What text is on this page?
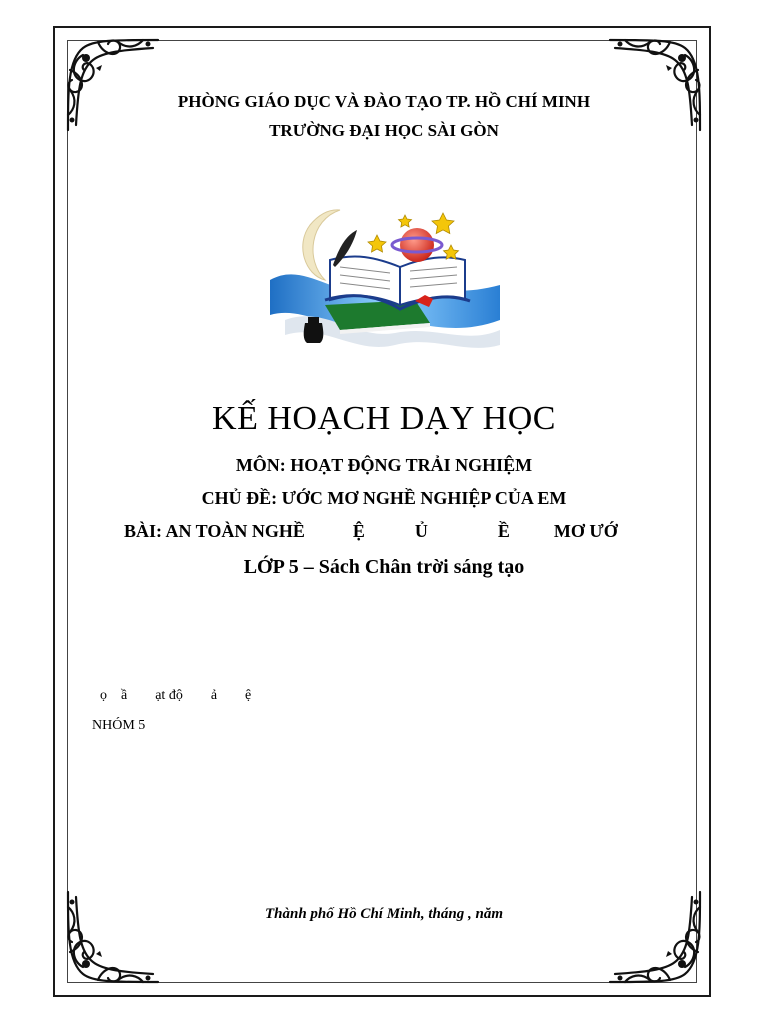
PHÒNG GIÁO DỤC VÀ ĐÀO TẠO TP. HỒ CHÍ MINH
TRƯỜNG ĐẠI HỌC SÀI GÒN
KẾ HOẠCH DẠY HỌC
MÔN: HOẠT ĐỘNG TRẢI NGHIỆM
CHỦ ĐỀ: ƯỚC MƠ NGHỀ NGHIỆP CỦA EM
BÀI: AN TOÀN NGHỀ	Ệ	Ủ	Ề MƠ ƯỚ
LỚP 5 – Sách Chân trời sáng tạo
ọ    ầ        ạt độ        ả        ệ
NHÓM 5
Thành phố Hồ Chí Minh, tháng , năm
